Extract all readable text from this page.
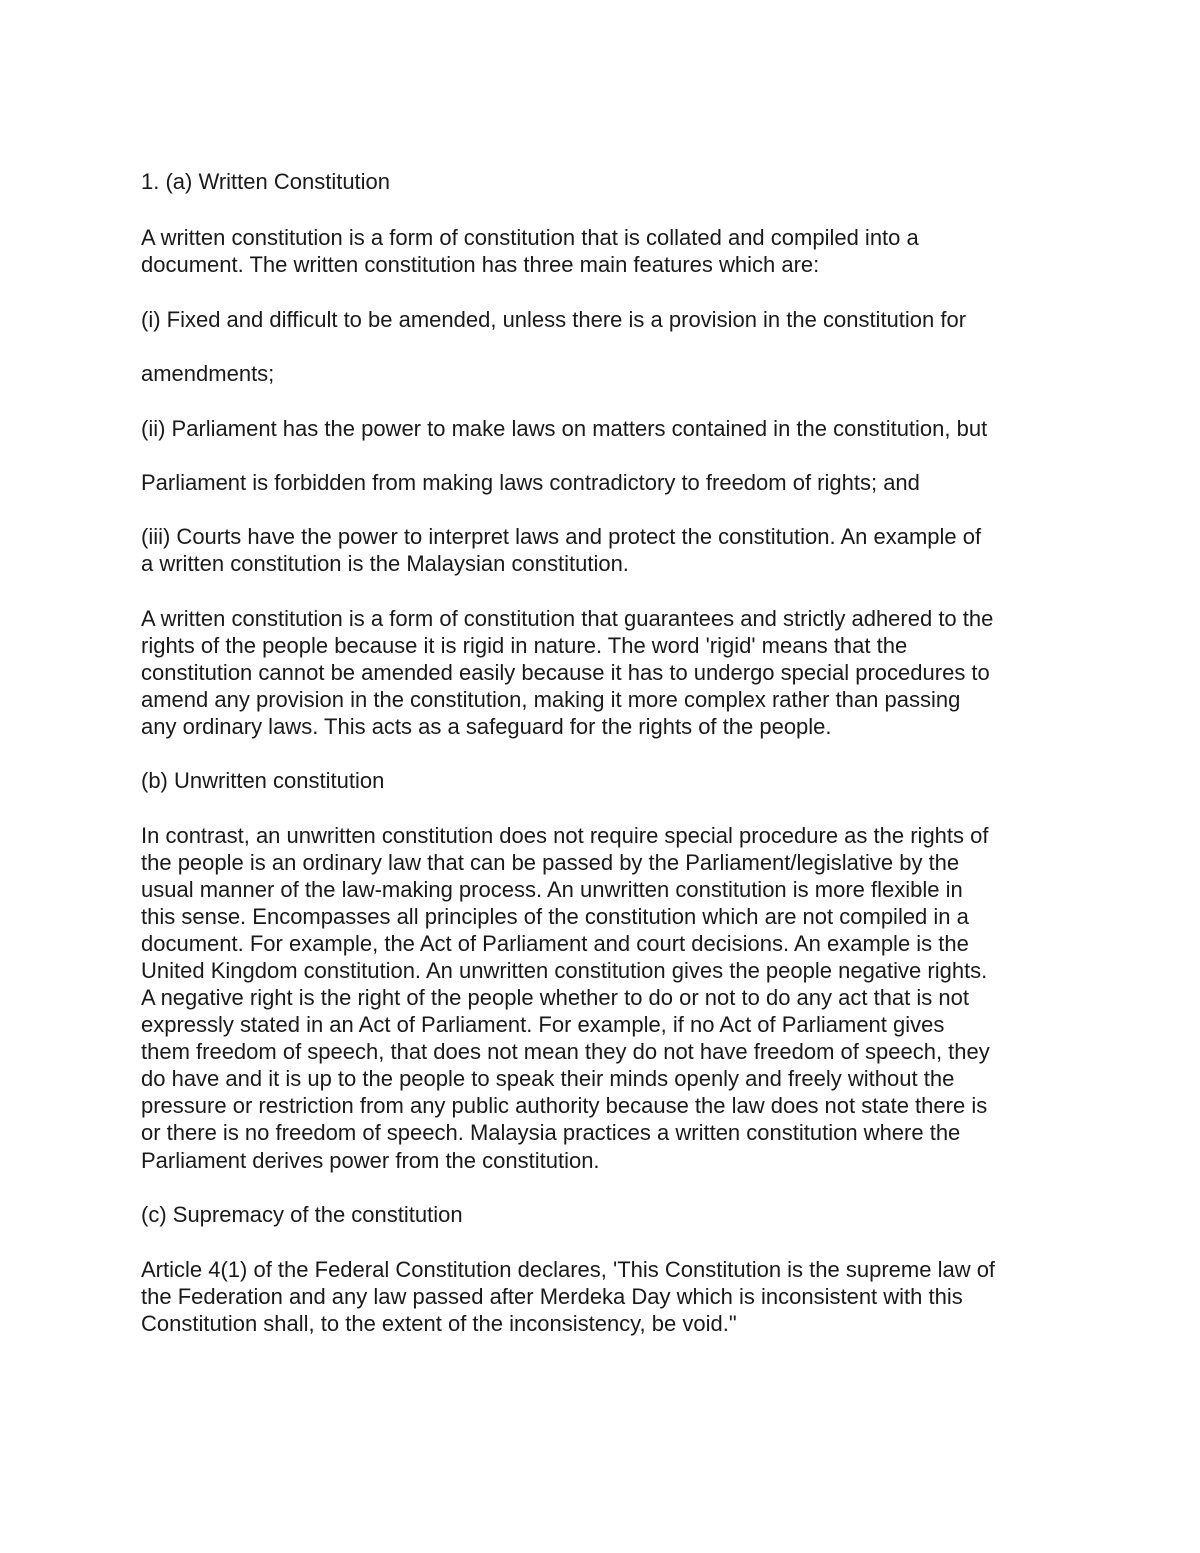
1. (a) Written Constitution
A written constitution is a form of constitution that is collated and compiled into a
document. The written constitution has three main features which are:
(i) Fixed and difficult to be amended, unless there is a provision in the constitution for
amendments;
(ii) Parliament has the power to make laws on matters contained in the constitution, but
Parliament is forbidden from making laws contradictory to freedom of rights; and
(iii) Courts have the power to interpret laws and protect the constitution. An example of
a written constitution is the Malaysian constitution.
A written constitution is a form of constitution that guarantees and strictly adhered to the
rights of the people because it is rigid in nature. The word 'rigid' means that the
constitution cannot be amended easily because it has to undergo special procedures to
amend any provision in the constitution, making it more complex rather than passing
any ordinary laws. This acts as a safeguard for the rights of the people.
(b) Unwritten constitution
In contrast, an unwritten constitution does not require special procedure as the rights of
the people is an ordinary law that can be passed by the Parliament/legislative by the
usual manner of the law-making process. An unwritten constitution is more flexible in
this sense. Encompasses all principles of the constitution which are not compiled in a
document. For example, the Act of Parliament and court decisions. An example is the
United Kingdom constitution. An unwritten constitution gives the people negative rights.
A negative right is the right of the people whether to do or not to do any act that is not
expressly stated in an Act of Parliament. For example, if no Act of Parliament gives
them freedom of speech, that does not mean they do not have freedom of speech, they
do have and it is up to the people to speak their minds openly and freely without the
pressure or restriction from any public authority because the law does not state there is
or there is no freedom of speech. Malaysia practices a written constitution where the
Parliament derives power from the constitution.
(c) Supremacy of the constitution
Article 4(1) of the Federal Constitution declares, 'This Constitution is the supreme law of
the Federation and any law passed after Merdeka Day which is inconsistent with this
Constitution shall, to the extent of the inconsistency, be void."
